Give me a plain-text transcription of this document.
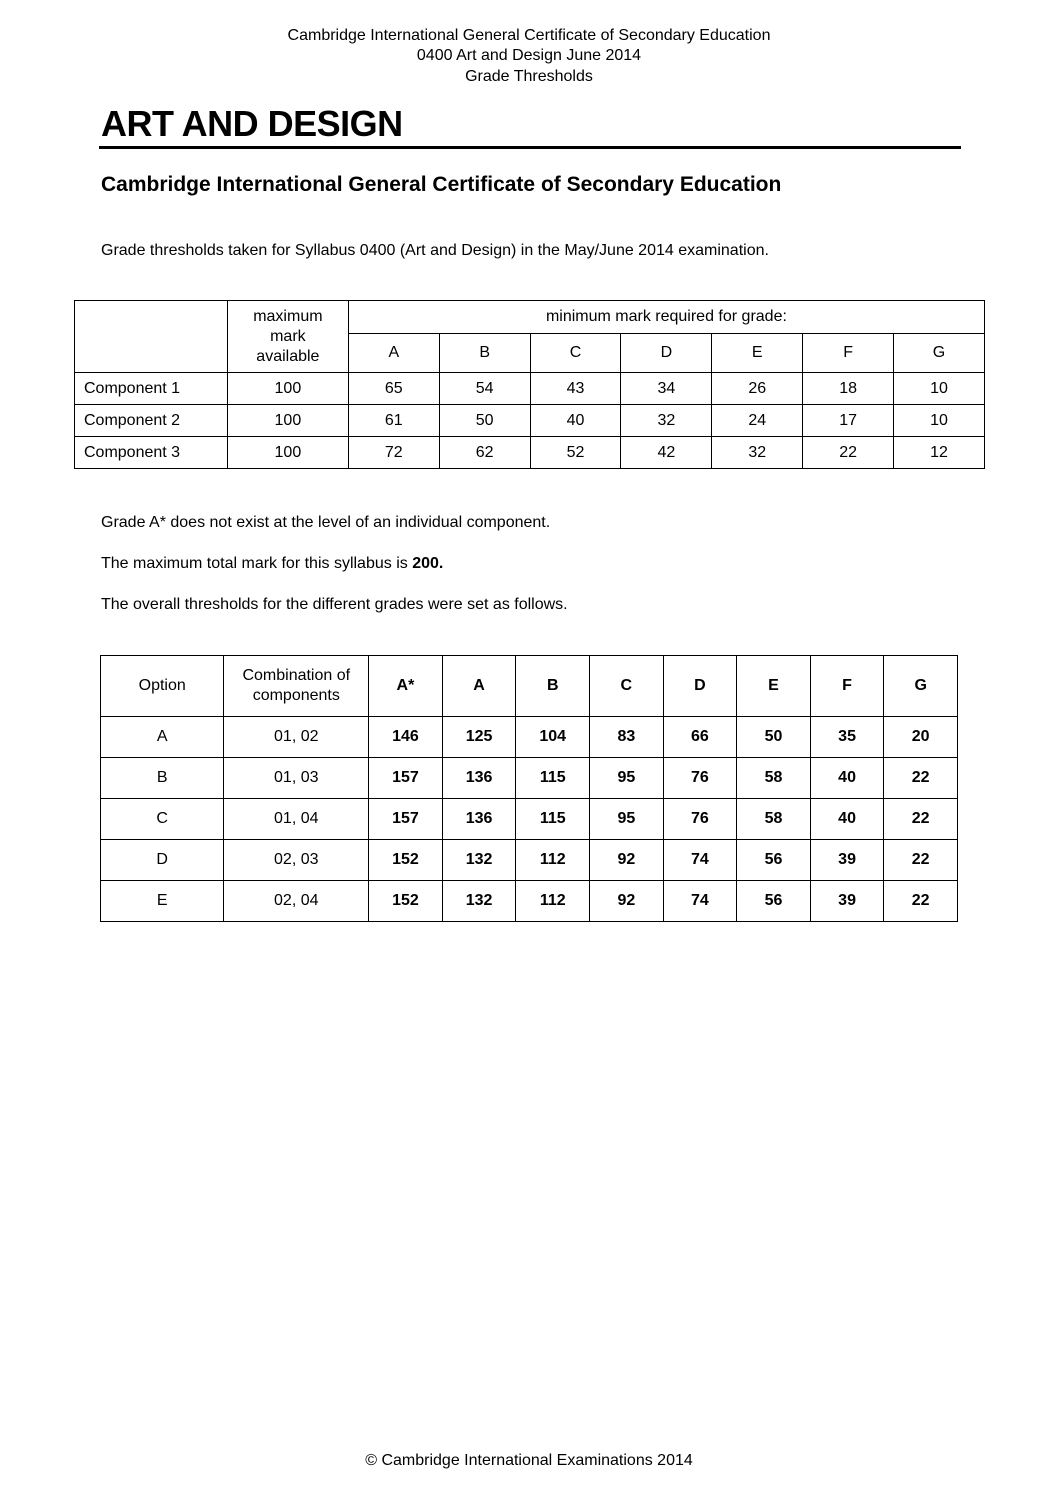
Cambridge International General Certificate of Secondary Education
0400 Art and Design June 2014
Grade Thresholds
ART AND DESIGN
Cambridge International General Certificate of Secondary Education
Grade thresholds taken for Syllabus 0400 (Art and Design) in the May/June 2014 examination.
	maximum mark available	minimum mark required for grade:						
		A	B	C	D	E	F	G
Component 1	100	65	54	43	34	26	18	10
Component 2	100	61	50	40	32	24	17	10
Component 3	100	72	62	52	42	32	22	12
Grade A* does not exist at the level of an individual component.
The maximum total mark for this syllabus is 200.
The overall thresholds for the different grades were set as follows.
Option	Combination of components	A*	A	B	C	D	E	F	G
A	01, 02	146	125	104	83	66	50	35	20
B	01, 03	157	136	115	95	76	58	40	22
C	01, 04	157	136	115	95	76	58	40	22
D	02, 03	152	132	112	92	74	56	39	22
E	02, 04	152	132	112	92	74	56	39	22
© Cambridge International Examinations 2014
